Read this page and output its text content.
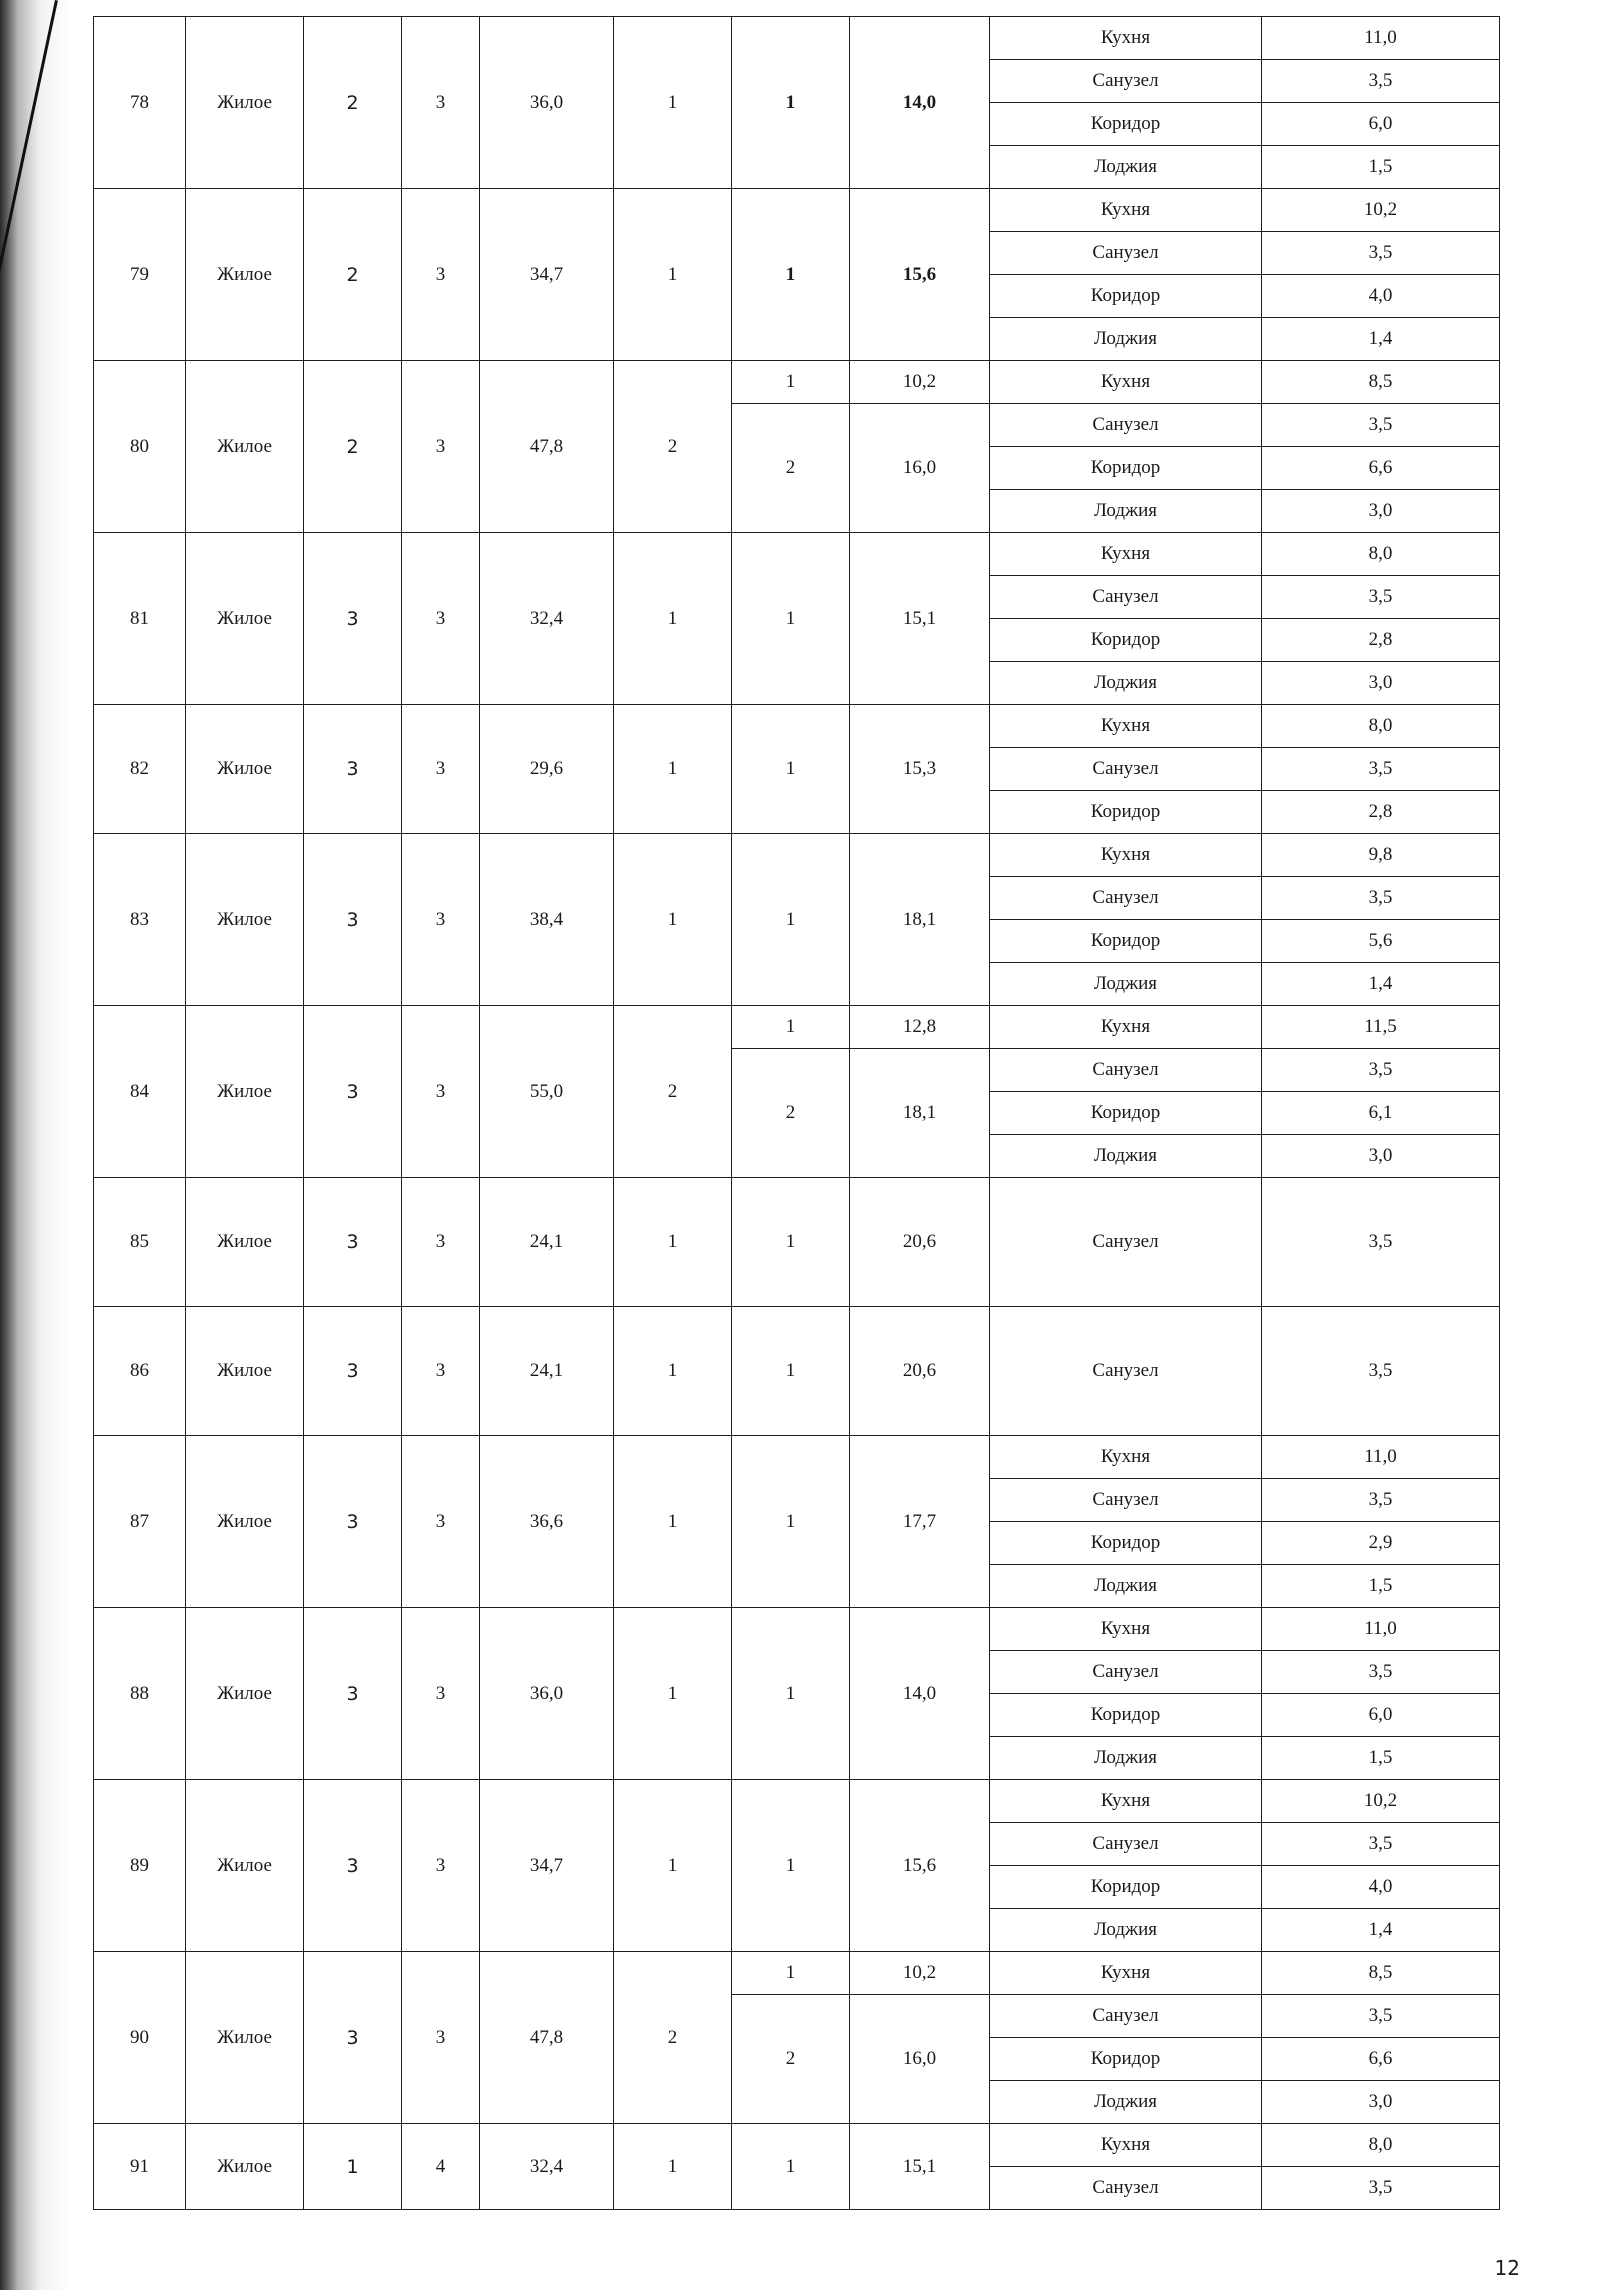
78	Жилое	2	3	36,0	1	1	14,0	Кухня	11,0
								Санузел	3,5
								Коридор	6,0
								Лоджия	1,5
79	Жилое	2	3	34,7	1	1	15,6	Кухня	10,2
								Санузел	3,5
								Коридор	4,0
								Лоджия	1,4
80	Жилое	2	3	47,8	2	1	10,2	Кухня	8,5
						2	16,0	Санузел	3,5
								Коридор	6,6
								Лоджия	3,0
81	Жилое	3	3	32,4	1	1	15,1	Кухня	8,0
								Санузел	3,5
								Коридор	2,8
								Лоджия	3,0
82	Жилое	3	3	29,6	1	1	15,3	Кухня	8,0
								Санузел	3,5
								Коридор	2,8
83	Жилое	3	3	38,4	1	1	18,1	Кухня	9,8
								Санузел	3,5
								Коридор	5,6
								Лоджия	1,4
84	Жилое	3	3	55,0	2	1	12,8	Кухня	11,5
						2	18,1	Санузел	3,5
								Коридор	6,1
								Лоджия	3,0
85	Жилое	3	3	24,1	1	1	20,6	Санузел	3,5

86	Жилое	3	3	24,1	1	1	20,6	Санузел	3,5

87	Жилое	3	3	36,6	1	1	17,7	Кухня	11,0
								Санузел	3,5
								Коридор	2,9
								Лоджия	1,5
88	Жилое	3	3	36,0	1	1	14,0	Кухня	11,0
								Санузел	3,5
								Коридор	6,0
								Лоджия	1,5
89	Жилое	3	3	34,7	1	1	15,6	Кухня	10,2
								Санузел	3,5
								Коридор	4,0
								Лоджия	1,4
90	Жилое	3	3	47,8	2	1	10,2	Кухня	8,5
						2	16,0	Санузел	3,5
								Коридор	6,6
								Лоджия	3,0
91	Жилое	1	4	32,4	1	1	15,1	Кухня	8,0
								Санузел	3,5
12
